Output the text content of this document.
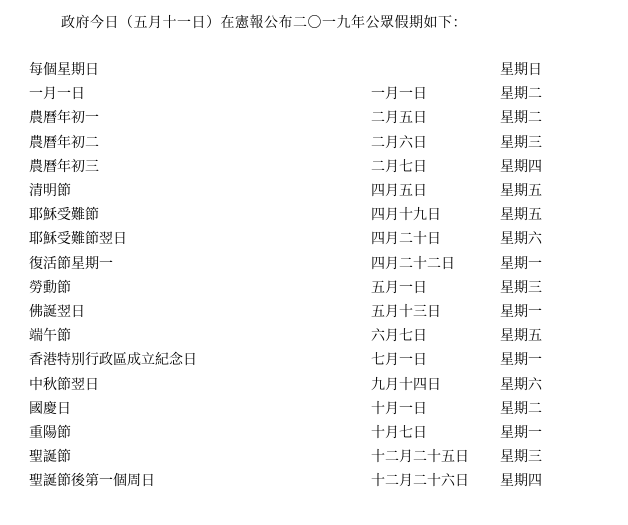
政府今日（五月十一日）在憲報公布二〇一九年公眾假期如下：
每個星期日		星期日
一月一日	一月一日	星期二
農曆年初一	二月五日	星期二
農曆年初二	二月六日	星期三
農曆年初三	二月七日	星期四
清明節	四月五日	星期五
耶穌受難節	四月十九日	星期五
耶穌受難節翌日	四月二十日	星期六
復活節星期一	四月二十二日	星期一
勞動節	五月一日	星期三
佛誕翌日	五月十三日	星期一
端午節	六月七日	星期五
香港特別行政區成立紀念日	七月一日	星期一
中秋節翌日	九月十四日	星期六
國慶日	十月一日	星期二
重陽節	十月七日	星期一
聖誕節	十二月二十五日	星期三
聖誕節後第一個周日	十二月二十六日	星期四
